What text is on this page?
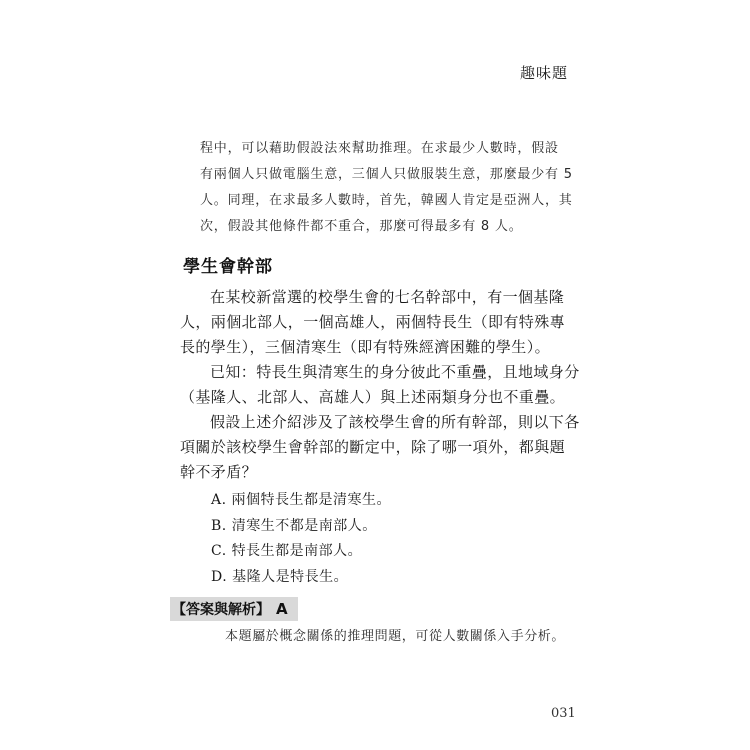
趣味題

程中，可以藉助假設法來幫助推理。在求最少人數時，假設

有兩個人只做電腦生意，三個人只做服裝生意，那麼最少有 5

人。同理，在求最多人數時，首先，韓國人肯定是亞洲人，其

次，假設其他條件都不重合，那麼可得最多有 8 人。

學生會幹部

在某校新當選的校學生會的七名幹部中，有一個基隆人，兩個北部人，一個高雄人，兩個特長生（即有特殊專長的學生），三個清寒生（即有特殊經濟困難的學生）。

已知：特長生與清寒生的身分彼此不重疊，且地域身分（基隆人、北部人、高雄人）與上述兩類身分也不重疊。

假設上述介紹涉及了該校學生會的所有幹部，則以下各項關於該校學生會幹部的斷定中，除了哪一項外，都與題幹不矛盾？

A. 兩個特長生都是清寒生。
B. 清寒生不都是南部人。
C. 特長生都是南部人。
D. 基隆人是特長生。
【答案與解析】 A
本題屬於概念關係的推理問題，可從人數關係入手分析。
031
